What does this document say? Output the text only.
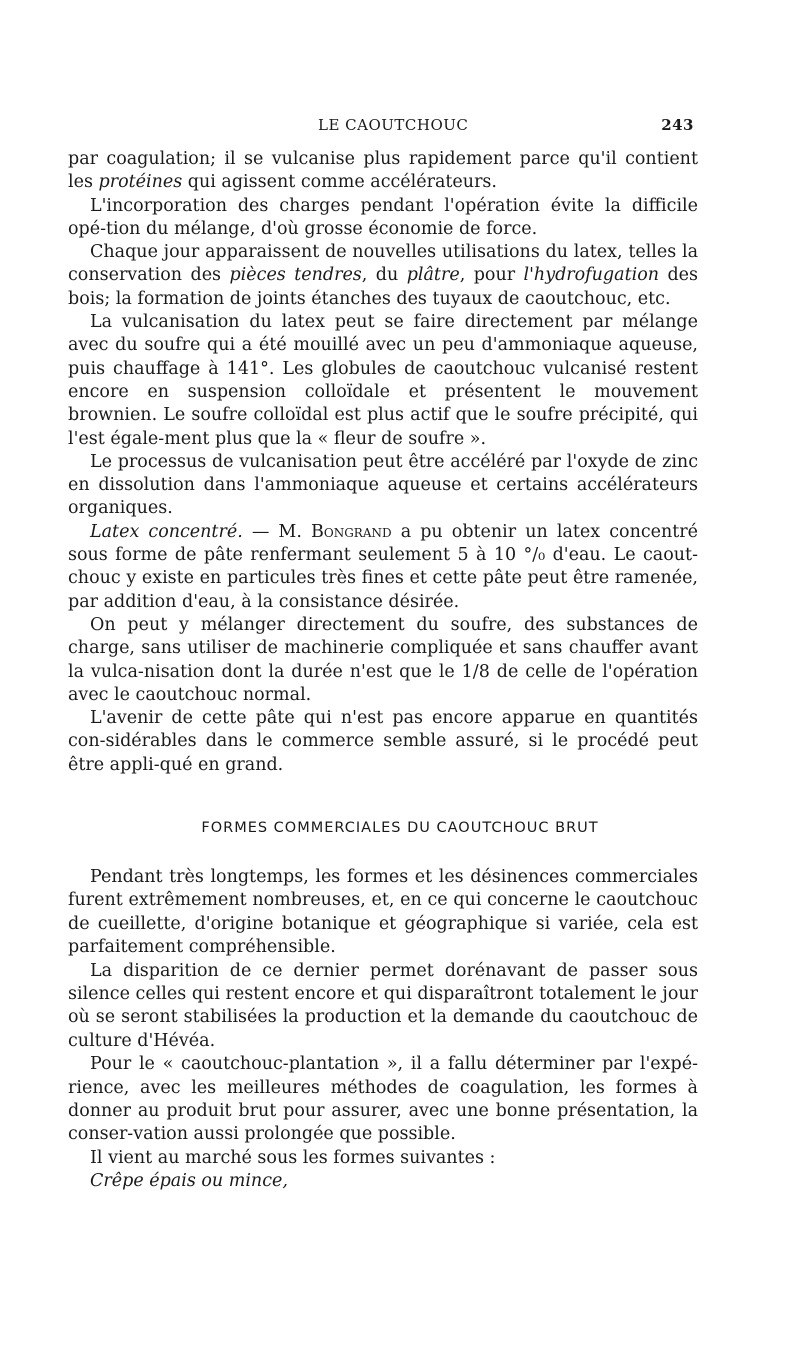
LE CAOUTCHOUC	243

par coagulation; il se vulcanise plus rapidement parce qu'il contient les protéines qui agissent comme accélérateurs.

L'incorporation des charges pendant l'opération évite la difficile opé-tion du mélange, d'où grosse économie de force.

Chaque jour apparaissent de nouvelles utilisations du latex, telles la conservation des pièces tendres, du plâtre, pour l'hydrofugation des bois; la formation de joints étanches des tuyaux de caoutchouc, etc.

La vulcanisation du latex peut se faire directement par mélange avec du soufre qui a été mouillé avec un peu d'ammoniaque aqueuse, puis chauffage à 141°. Les globules de caoutchouc vulcanisé restent encore en suspension colloïdale et présentent le mouvement brownien. Le soufre colloïdal est plus actif que le soufre précipité, qui l'est égale-ment plus que la « fleur de soufre ».

Le processus de vulcanisation peut être accéléré par l'oxyde de zinc en dissolution dans l'ammoniaque aqueuse et certains accélérateurs organiques.

Latex concentré. — M. Bongrand a pu obtenir un latex concentré sous forme de pâte renfermant seulement 5 à 10 °/₀ d'eau. Le caout-chouc y existe en particules très fines et cette pâte peut être ramenée, par addition d'eau, à la consistance désirée.

On peut y mélanger directement du soufre, des substances de charge, sans utiliser de machinerie compliquée et sans chauffer avant la vulca-nisation dont la durée n'est que le 1/8 de celle de l'opération avec le caoutchouc normal.

L'avenir de cette pâte qui n'est pas encore apparue en quantités con-sidérables dans le commerce semble assuré, si le procédé peut être appli-qué en grand.

FORMES COMMERCIALES DU CAOUTCHOUC BRUT

Pendant très longtemps, les formes et les désinences commerciales furent extrêmement nombreuses, et, en ce qui concerne le caoutchouc de cueillette, d'origine botanique et géographique si variée, cela est parfaitement compréhensible.

La disparition de ce dernier permet dorénavant de passer sous silence celles qui restent encore et qui disparaîtront totalement le jour où se seront stabilisées la production et la demande du caoutchouc de culture d'Hévéa.

Pour le « caoutchouc-plantation », il a fallu déterminer par l'expé-rience, avec les meilleures méthodes de coagulation, les formes à donner au produit brut pour assurer, avec une bonne présentation, la conser-vation aussi prolongée que possible.

Il vient au marché sous les formes suivantes :

Crêpe épais ou mince,
